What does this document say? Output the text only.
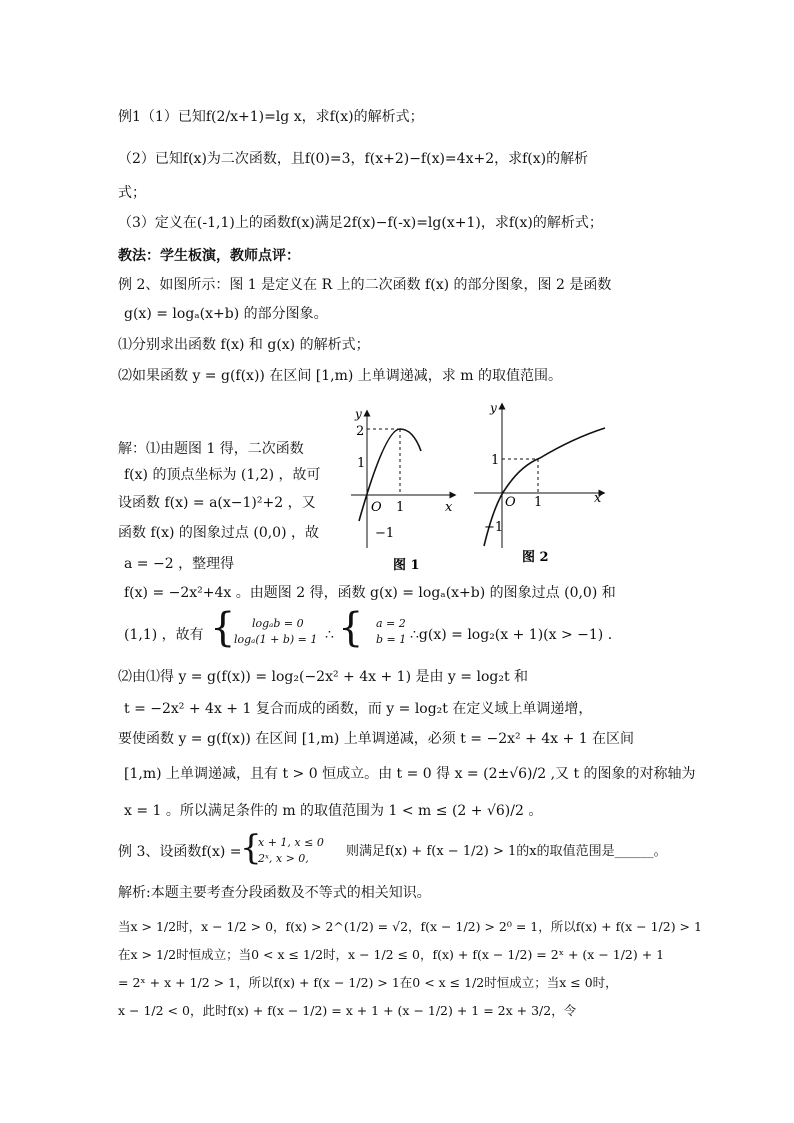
例1（1）已知f(2/x+1)=lg x，求f(x)的解析式；
（2）已知f(x)为二次函数，且f(0)=3，f(x+2)−f(x)=4x+2，求f(x)的解析
式；
（3）定义在(-1,1)上的函数f(x)满足2f(x)−f(-x)=lg(x+1)，求f(x)的解析式；
教法：学生板演，教师点评：
例 2、如图所示：图 1 是定义在 R 上的二次函数 f(x) 的部分图象，图 2 是函数
g(x) = logₐ(x+b) 的部分图象。
⑴分别求出函数 f(x) 和 g(x) 的解析式；
⑵如果函数 y = g(f(x)) 在区间 [1,m) 上单调递减，求 m 的取值范围。
解：⑴由题图 1 得，二次函数
f(x) 的顶点坐标为 (1,2) ，故可
设函数 f(x) = a(x−1)²+2 ，又
函数 f(x) 的图象过点 (0,0) ，故
a = −2 ，整理得
y
x
O 1
2
1
−1
图 1
y
x
O 1
1
−1
图 2
f(x) = −2x²+4x 。由题图 2 得，函数 g(x) = logₐ(x+b) 的图象过点 (0,0) 和
(1,1) ，故有 { logₐb = 0
logₐ(1 + b) = 1 ∴ { a = 2
b = 1 ∴g(x) = log₂(x + 1)(x > −1) .
⑵由⑴得 y = g(f(x)) = log₂(−2x² + 4x + 1) 是由 y = log₂t 和
t = −2x² + 4x + 1 复合而成的函数，而 y = log₂t 在定义域上单调递增，
要使函数 y = g(f(x)) 在区间 [1,m) 上单调递减，必须 t = −2x² + 4x + 1 在区间
[1,m) 上单调递减，且有 t > 0 恒成立。由 t = 0 得 x = (2±√6)/2 ,又 t 的图象的对称轴为
x = 1 。所以满足条件的 m 的取值范围为 1 < m ≤ (2 + √6)/2 。
例 3、设函数f(x) =
{
x + 1, x ≤ 0
2ˣ, x > 0,	则满足f(x) + f(x − 1/2) > 1的x的取值范围是______。
解析:本题主要考查分段函数及不等式的相关知识。
当x > 1/2时，x − 1/2 > 0，f(x) > 2^(1/2) = √2，f(x − 1/2) > 2⁰ = 1，所以f(x) + f(x − 1/2) > 1
在x > 1/2时恒成立；当0 < x ≤ 1/2时，x − 1/2 ≤ 0，f(x) + f(x − 1/2) = 2ˣ + (x − 1/2) + 1
= 2ˣ + x + 1/2 > 1，所以f(x) + f(x − 1/2) > 1在0 < x ≤ 1/2时恒成立；当x ≤ 0时，
x − 1/2 < 0，此时f(x) + f(x − 1/2) = x + 1 + (x − 1/2) + 1 = 2x + 3/2，令
